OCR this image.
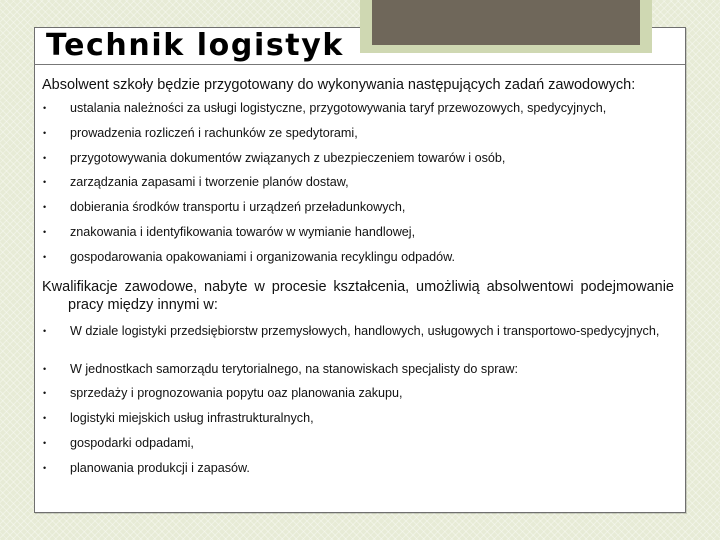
Technik logistyk

Absolwent szkoły będzie przygotowany do wykonywania następujących zadań zawodowych:

• ustalania należności za usługi logistyczne, przygotowywania taryf przewozowych, spedycyjnych,
• prowadzenia rozliczeń i rachunków ze spedytorami,
• przygotowywania dokumentów związanych z ubezpieczeniem towarów i osób,
• zarządzania zapasami i tworzenie planów dostaw,
• dobierania środków transportu i urządzeń przeładunkowych,
• znakowania i identyfikowania towarów w wymianie handlowej,
• gospodarowania opakowaniami i organizowania recyklingu odpadów.

Kwalifikacje zawodowe, nabyte w procesie kształcenia, umożliwią absolwentowi podejmowanie pracy między innymi w:

• W dziale logistyki przedsiębiorstw przemysłowych, handlowych, usługowych i transportowo-spedycyjnych,
• W jednostkach samorządu terytorialnego, na stanowiskach specjalisty do spraw:
• sprzedaży i prognozowania popytu oaz planowania zakupu,
• logistyki miejskich usług infrastrukturalnych,
• gospodarki odpadami,
• planowania produkcji i zapasów.
